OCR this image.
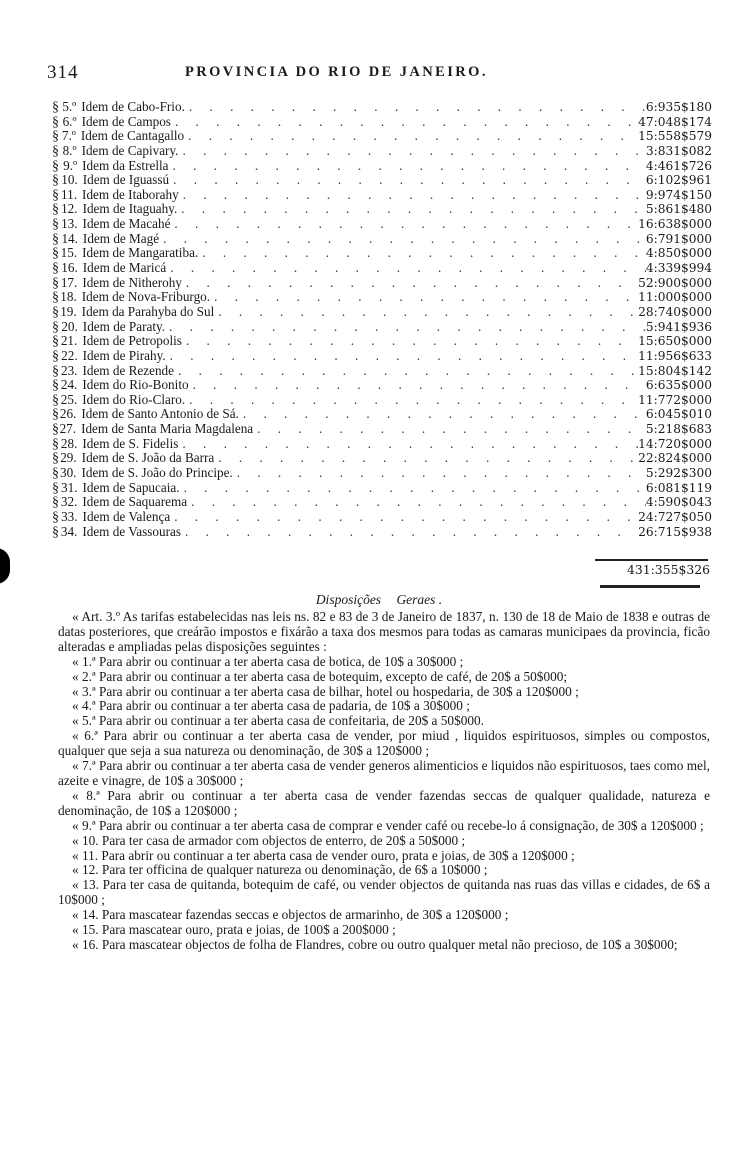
314	PROVINCIA DO RIO DE JANEIRO.
§ 5.º Idem de Cabo-Frio. . . .	6:935$180
§ 6.º Idem de Campos . . .	47:048$174
§ 7.º Idem de Cantagallo . . .	15:558$579
§ 8.º Idem de Capivary. . . .	3:831$082
§ 9.º Idem da Estrella . . .	4:461$726
§ 10. Idem de Iguassú . . .	6:102$961
§ 11. Idem de Itaborahy . . .	9:974$150
§ 12. Idem de Itaguahy. . . .	5:861$480
§ 13. Idem de Macahé . . .	16:638$000
§ 14. Idem de Magé . . .	6:791$000
§ 15. Idem de Mangaratiba. . . .	4:850$000
§ 16. Idem de Maricá . . .	4:339$994
§ 17. Idem de Nitherohy . . .	52:900$000
§ 18. Idem de Nova-Friburgo. . . .	11:000$000
§ 19. Idem da Parahyba do Sul . . .	28:740$000
§ 20. Idem de Paraty. . . .	5:941$936
§ 21. Idem de Petropolis . . .	15:650$000
§ 22. Idem de Pirahy. . . .	11:956$633
§ 23. Idem de Rezende . . .	15:804$142
§ 24. Idem do Rio-Bonito . . .	6:635$000
§ 25. Idem do Rio-Claro. . . .	11:772$000
§ 26. Idem de Santo Antonio de Sá. . . .	6:045$010
§ 27. Idem de Santa Maria Magdalena . . .	5:218$683
§ 28. Idem de S. Fidelis . . .	14:720$000
§ 29. Idem de S. João da Barra . . .	22:824$000
§ 30. Idem de S. João do Principe. . . .	5:292$300
§ 31. Idem de Sapucaia. . . .	6:081$119
§ 32. Idem de Saquarema . . .	4:590$043
§ 33. Idem de Valença . . .	24:727$050
§ 34. Idem de Vassouras . . .	26:715$938
431:355$326
Disposições Geraes .

« Art. 3.º As tarifas estabelecidas nas leis ns. 82 e 83 de 3 de Janeiro de 1837, n. 130 de 18 de Maio de 1838 e outras de datas posteriores, que creárão impostos e fixárão a taxa dos mesmos para todas as camaras municipaes da provincia, ficão alteradas e ampliadas pelas disposições seguintes :

« 1.ª Para abrir ou continuar a ter aberta casa de botica, de 10$ a 30$000 ;

« 2.ª Para abrir ou continuar a ter aberta casa de botequim, excepto de café, de 20$ a 50$000;

« 3.ª Para abrir ou continuar a ter aberta casa de bilhar, hotel ou hospedaria, de 30$ a 120$000 ;

« 4.ª Para abrir ou continuar a ter aberta casa de padaria, de 10$ a 30$000 ;

« 5.ª Para abrir ou continuar a ter aberta casa de confeitaria, de 20$ a 50$000.

« 6.ª Para abrir ou continuar a ter aberta casa de vender, por miud , liquidos espirituosos, simples ou compostos, qualquer que seja a sua natureza ou denominação, de 30$ a 120$000 ;

« 7.ª Para abrir ou continuar a ter aberta casa de vender generos alimenticios e liquidos não espirituosos, taes como mel, azeite e vinagre, de 10$ a 30$000 ;

« 8.ª Para abrir ou continuar a ter aberta casa de vender fazendas seccas de qualquer qualidade, natureza e denominação, de 10$ a 120$000 ;

« 9.ª Para abrir ou continuar a ter aberta casa de comprar e vender café ou recebe-lo á consignação, de 30$ a 120$000 ;

« 10. Para ter casa de armador com objectos de enterro, de 20$ a 50$000 ;

« 11. Para abrir ou continuar a ter aberta casa de vender ouro, prata e joias, de 30$ a 120$000 ;

« 12. Para ter officina de qualquer natureza ou denominação, de 6$ a 10$000 ;

« 13. Para ter casa de quitanda, botequim de café, ou vender objectos de quitanda nas ruas das villas e cidades, de 6$ a 10$000 ;

« 14. Para mascatear fazendas seccas e objectos de armarinho, de 30$ a 120$000 ;

« 15. Para mascatear ouro, prata e joias, de 100$ a 200$000 ;

« 16. Para mascatear objectos de folha de Flandres, cobre ou outro qualquer metal não precioso, de 10$ a 30$000;
